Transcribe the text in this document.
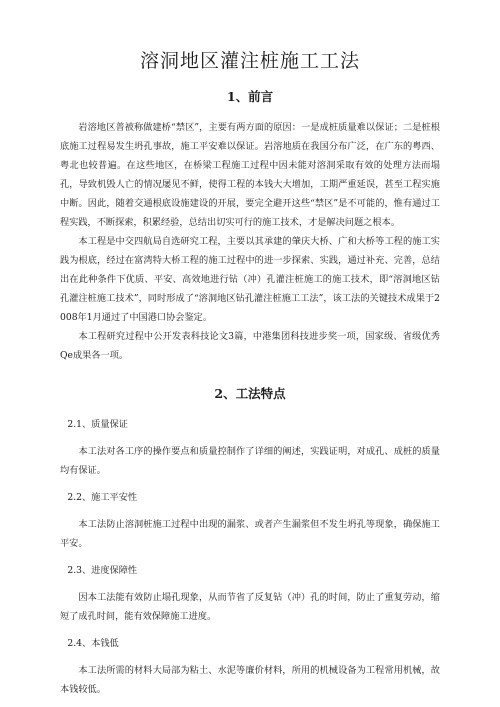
溶洞地区灌注桩施工工法
1、前言

岩溶地区普被称做建桥“禁区”，主要有两方面的原因：一是成桩质量难以保证；二是桩根底施工过程易发生坍孔事故，施工平安难以保证。岩溶地质在我国分布广泛，在广东的粤西、粤北也较普遍。在这些地区，在桥梁工程施工过程中因未能对溶洞采取有效的处理方法而塌孔，导致机毁人亡的情况屡见不鲜，使得工程的本钱大大增加，工期严重延误，甚至工程实施中断。因此，随着交通根底设施建设的开展，要完全避开这些“禁区”是不可能的，惟有通过工程实践，不断探索，积累经验，总结出切实可行的施工技术，才是解决问题之根本。

本工程是中交四航局自选研究工程，主要以其承建的肇庆大桥、广和大桥等工程的施工实践为根底，经过在富湾特大桥工程的施工过程中的进一步探索、实践，通过补充、完善，总结出在此种条件下优质、平安、高效地进行钻（冲）孔灌注桩施工的施工技术，即“溶洞地区钻孔灌注桩施工技术”，同时形成了“溶洞地区钻孔灌注桩施工工法”，该工法的关键技术成果于2008年1月通过了中国港口协会鉴定。

本工程研究过程中公开发表科技论文3篇，中港集团科技进步奖一项，国家级、省级优秀Qe成果各一项。

2、工法特点
2.1、质量保证

本工法对各工序的操作要点和质量控制作了详细的阐述，实践证明，对成孔、成桩的质量均有保证。

2.2、施工平安性

本工法防止溶洞桩施工过程中出现的漏浆、或者产生漏浆但不发生坍孔等现象，确保施工平安。

2.3、进度保障性

因本工法能有效防止塌孔现象，从而节省了反复钻（冲）孔的时间，防止了重复劳动，缩短了成孔时间，能有效保障施工进度。

2.4、本钱低

本工法所需的材料大局部为粘土、水泥等廉价材料，所用的机械设备为工程常用机械，故本钱较低。
